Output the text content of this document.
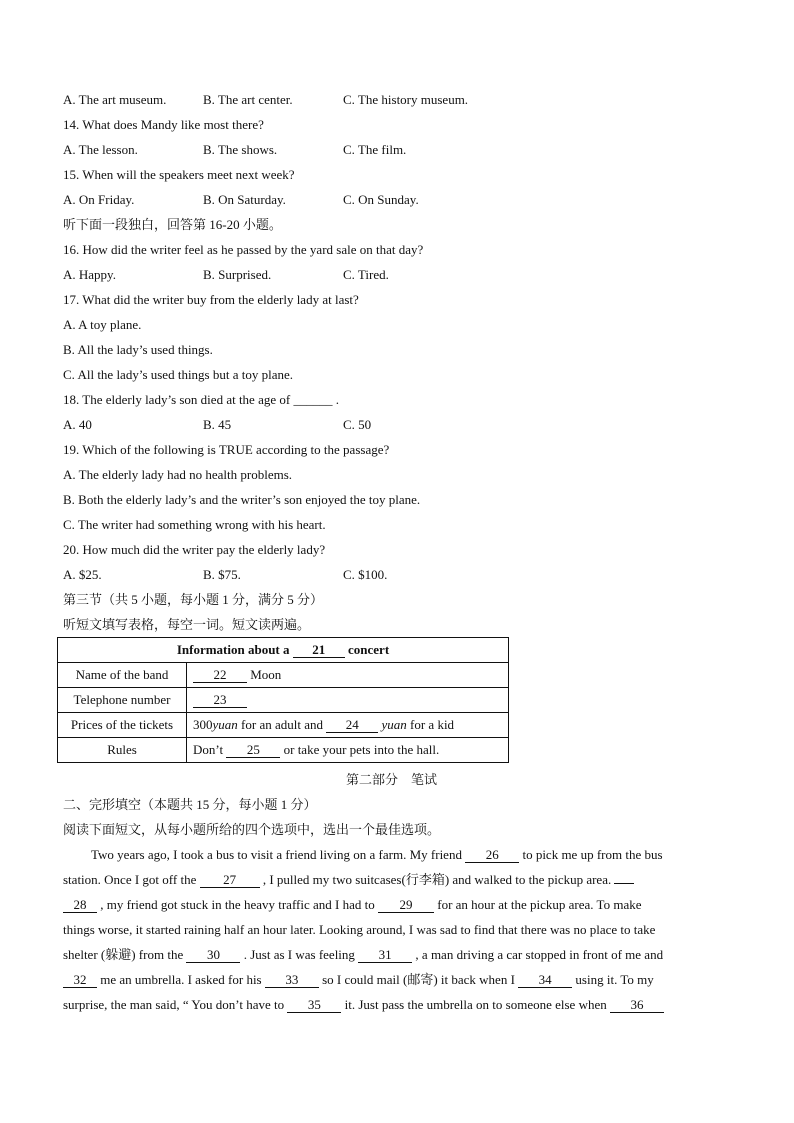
A. The art museum.	B. The art center.	C. The history museum.
14. What does Mandy like most there?
A. The lesson.	B. The shows.	C. The film.
15. When will the speakers meet next week?
A. On Friday.	B. On Saturday.	C. On Sunday.
听下面一段独白，回答第 16-20 小题。
16. How did the writer feel as he passed by the yard sale on that day?
A. Happy.	B. Surprised.	C. Tired.
17. What did the writer buy from the elderly lady at last?
A. A toy plane.
B. All the lady’s used things.
C. All the lady’s used things but a toy plane.
18. The elderly lady’s son died at the age of ______ .
A. 40	B. 45	C. 50
19. Which of the following is TRUE according to the passage?
A. The elderly lady had no health problems.
B. Both the elderly lady’s and the writer’s son enjoyed the toy plane.
C. The writer had something wrong with his heart.
20. How much did the writer pay the elderly lady?
A. $25.	B. $75.	C. $100.
第三节（共 5 小题，每小题 1 分，满分 5 分）
听短文填写表格，每空一词。短文读两遍。
Information about a 21 concert	
Name of the band	22 Moon
Telephone number	23
Prices of the tickets	300yuan for an adult and 24 yuan for a kid
Rules	Don’t 25 or take your pets into the hall.
第二部分　笔试
二、完形填空（本题共 15 分，每小题 1 分）
阅读下面短文，从每小题所给的四个选项中，选出一个最佳选项。
Two years ago, I took a bus to visit a friend living on a farm. My friend 26 to pick me up from the bus
station. Once I got off the 27 , I pulled my two suitcases(行李箱) and walked to the pickup area.
28 , my friend got stuck in the heavy traffic and I had to 29 for an hour at the pickup area. To make
things worse, it started raining half an hour later. Looking around, I was sad to find that there was no place to take
shelter (躲避) from the 30 . Just as I was feeling 31 , a man driving a car stopped in front of me and
32 me an umbrella. I asked for his 33 so I could mail (邮寄) it back when I 34 using it. To my
surprise, the man said, “ You don’t have to 35 it. Just pass the umbrella on to someone else when 36
